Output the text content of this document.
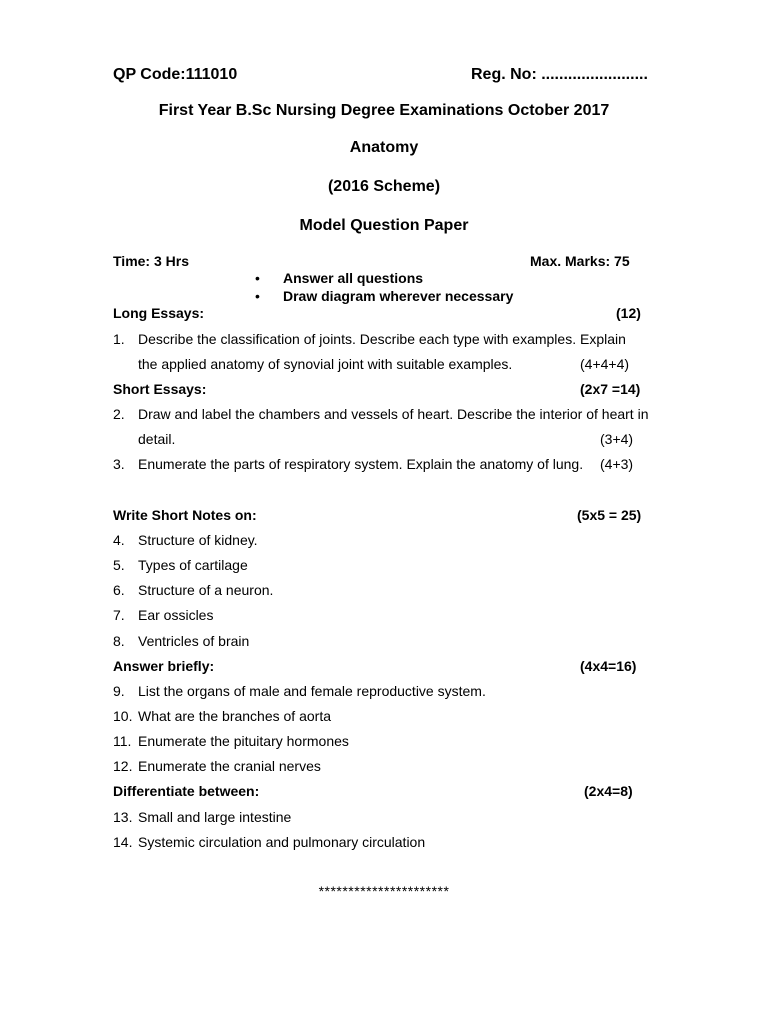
QP Code:111010	Reg. No: ........................
First Year B.Sc Nursing Degree Examinations October 2017
Anatomy
(2016 Scheme)
Model Question Paper
Time: 3 Hrs	Max. Marks: 75
• Answer all questions
• Draw diagram wherever necessary
Long Essays:	(12)
1. Describe the classification of joints. Describe each type with examples. Explain
the applied anatomy of synovial joint with suitable examples.	(4+4+4)
Short Essays:	(2x7 =14)
2. Draw and label the chambers and vessels of heart. Describe the interior of heart in
detail.	(3+4)
3. Enumerate the parts of respiratory system. Explain the anatomy of lung. (4+3)
Write Short Notes on:	(5x5 = 25)
4. Structure of kidney.
5. Types of cartilage
6. Structure of a neuron.
7. Ear ossicles
8. Ventricles of brain
Answer briefly:	(4x4=16)
9. List the organs of male and female reproductive system.
10. What are the branches of aorta
11. Enumerate the pituitary hormones
12. Enumerate the cranial nerves
Differentiate between:	(2x4=8)
13. Small and large intestine
14. Systemic circulation and pulmonary circulation
**********************
